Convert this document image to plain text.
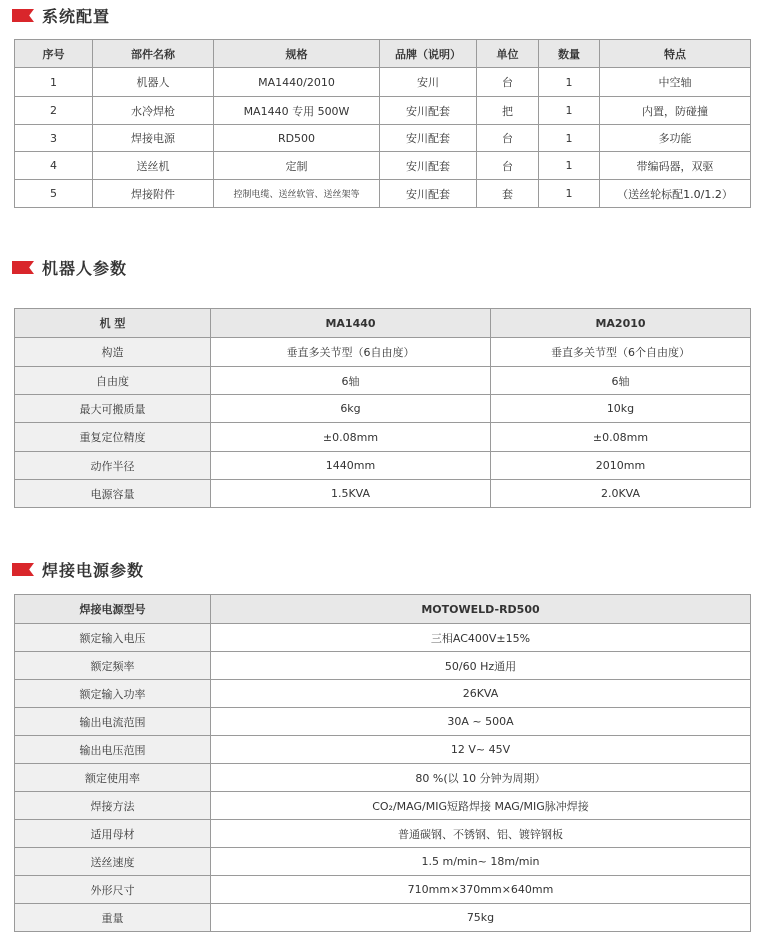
系统配置
序号	部件名称	规格	品牌（说明）	单位	数量	特点
1	机器人	MA1440/2010	安川	台	1	中空轴
2	水冷焊枪	MA1440 专用 500W	安川配套	把	1	内置，防碰撞
3	焊接电源	RD500	安川配套	台	1	多功能
4	送丝机	定制	安川配套	台	1	带编码器，双驱
5	焊接附件	控制电缆、送丝软管、送丝架等	安川配套	套	1	（送丝轮标配1.0/1.2）
机器人参数
机 型	MA1440	MA2010
构造	垂直多关节型（6自由度）	垂直多关节型（6个自由度）
自由度	6轴	6轴
最大可搬质量	6kg	10kg
重复定位精度	±0.08mm	±0.08mm
动作半径	1440mm	2010mm
电源容量	1.5KVA	2.0KVA
焊接电源参数
焊接电源型号	MOTOWELD-RD500
额定输入电压	三相AC400V±15%
额定频率	50/60 Hz通用
额定输入功率	26KVA
输出电流范围	30A ~ 500A
输出电压范围	12 V~ 45V
额定使用率	80 %(以 10 分钟为周期）
焊接方法	CO₂/MAG/MIG短路焊接 MAG/MIG脉冲焊接
适用母材	普通碳钢、不锈钢、铝、镀锌钢板
送丝速度	1.5 m/min~ 18m/min
外形尺寸	710mm×370mm×640mm
重量	75kg
